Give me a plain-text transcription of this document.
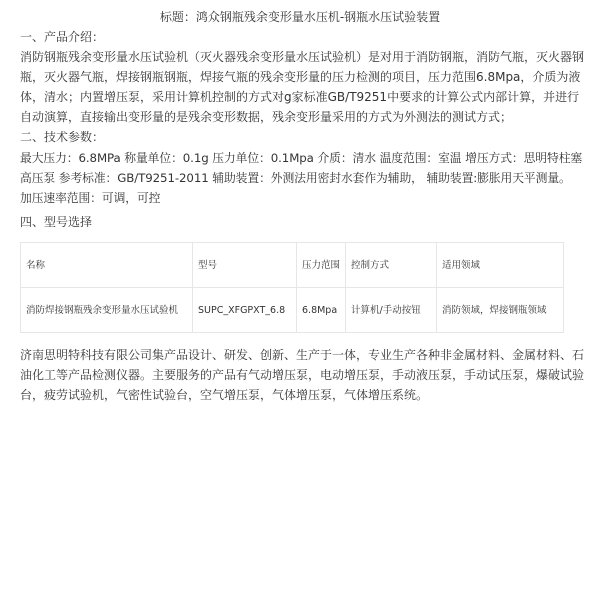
标题：鸿众钢瓶残余变形量水压机-钢瓶水压试验装置
一、产品介绍：
消防钢瓶残余变形量水压试验机（灭火器残余变形量水压试验机）是对用于消防钢瓶，消防气瓶，灭火器钢瓶，灭火器气瓶，焊接钢瓶钢瓶，焊接气瓶的残余变形量的压力检测的项目，压力范围6.8Mpa，介质为液体，清水；内置增压泵，采用计算机控制的方式对g家标准GB/T9251中要求的计算公式内部计算，并进行自动演算，直接输出变形量的是残余变形数据，残余变形量采用的方式为外测法的测试方式；
二、技术参数：
最大压力：6.8MPa 称量单位：0.1g 压力单位：0.1Mpa 介质：清水 温度范围：室温 增压方式：思明特柱塞高压泵 参考标准：GB/T9251-2011 辅助装置：外测法用密封水套作为辅助， 辅助装置:膨胀用天平测量。 加压速率范围：可调，可控
四、型号选择
名称	型号	压力范围	控制方式	适用领域
消防焊接钢瓶残余变形量水压试验机	SUPC_XFGPXT_6.8	6.8Mpa	计算机/手动按钮	消防领域，焊接钢瓶领域
济南思明特科技有限公司集产品设计、研发、创新、生产于一体，专业生产各种非金属材料、金属材料、石油化工等产品检测仪器。主要服务的产品有气动增压泵，电动增压泵，手动液压泵，手动试压泵，爆破试验台，疲劳试验机，气密性试验台，空气增压泵，气体增压泵，气体增压系统。
